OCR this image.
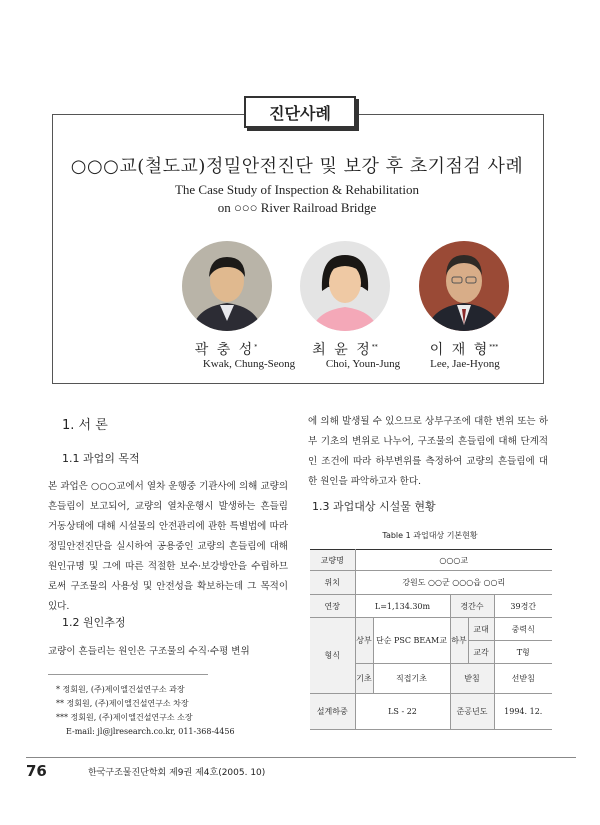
진단사례
○○○교(철도교)정밀안전진단 및 보강 후 초기점검 사례
The Case Study of Inspection & Rehabilitation
on ○○○ River Railroad Bridge
곽 충 성*	최 윤 정**	이 재 형***
Kwak, Chung-Seong	Choi, Youn-Jung	Lee, Jae-Hyong
1. 서 론
1.1 과업의 목적
본 과업은 ○○○교에서 열차 운행중 기관사에 의해 교량의 흔들림이 보고되어, 교량의 열차운행시 발생하는 흔들림 거동상태에 대해 시설물의 안전관리에 관한 특별법에 따라 정밀안전진단을 실시하여 공용중인 교량의 흔들림에 대해 원인규명 및 그에 따른 적절한 보수·보강방안을 수립하므로써 구조물의 사용성 및 안전성을 확보하는데 그 목적이 있다.
1.2 원인추정
교량이 흔들리는 원인은 구조물의 수직·수평 변위
* 정회원, (주)제이엘건설연구소 과장
** 정회원, (주)제이엘건설연구소 차장
*** 정회원, (주)제이엘건설연구소 소장
E-mail: jl@jlresearch.co.kr, 011-368-4456
에 의해 발생될 수 있으므로 상부구조에 대한 변위 또는 하부 기초의 변위로 나누어, 구조물의 흔들림에 대해 단계적인 조건에 따라 하부변위를 측정하여 교량의 흔들림에 대한 원인을 파악하고자 한다.
1.3 과업대상 시설물 현황
Table 1 과업대상 기본현황
교량명	○○○교				
위치	강원도 ○○군 ○○○읍 ○○리				
연장	L=1,134.30m		경간수		39경간
형식	상부	단순 PSC BEAM교	하부	교대	중력식
				교각	T형
	기초	직접기초	받침		선받침
설계하중	LS - 22		준공년도		1994. 12.
76	한국구조물진단학회 제9권 제4호(2005. 10)
